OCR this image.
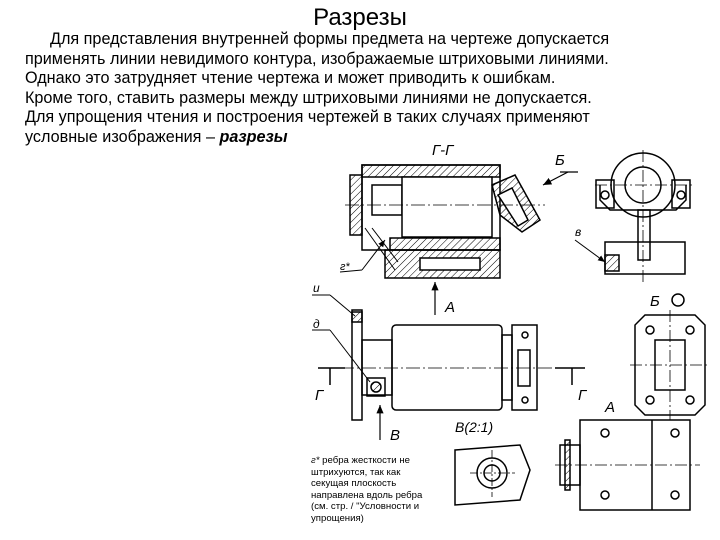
Разрезы
Для представления внутренней формы предмета на чертеже допускается
применять линии невидимого контура, изображаемые штриховыми линиями.
Однако это затрудняет чтение чертежа и может приводить к ошибкам.
Кроме того, ставить размеры между штриховыми линиями не допускается.
Для упрощения чтения и построения чертежей в таких случаях применяют
условные изображения – разрезы
Г-Г
г*
А
Б
в
и
д
Г	Г
В
Б
В(2:1)
А
г* ребра жесткости не
штрихуются, так как
секущая плоскость
направлена вдоль ребра
(см. стр. / "Условности и
упрощения)
